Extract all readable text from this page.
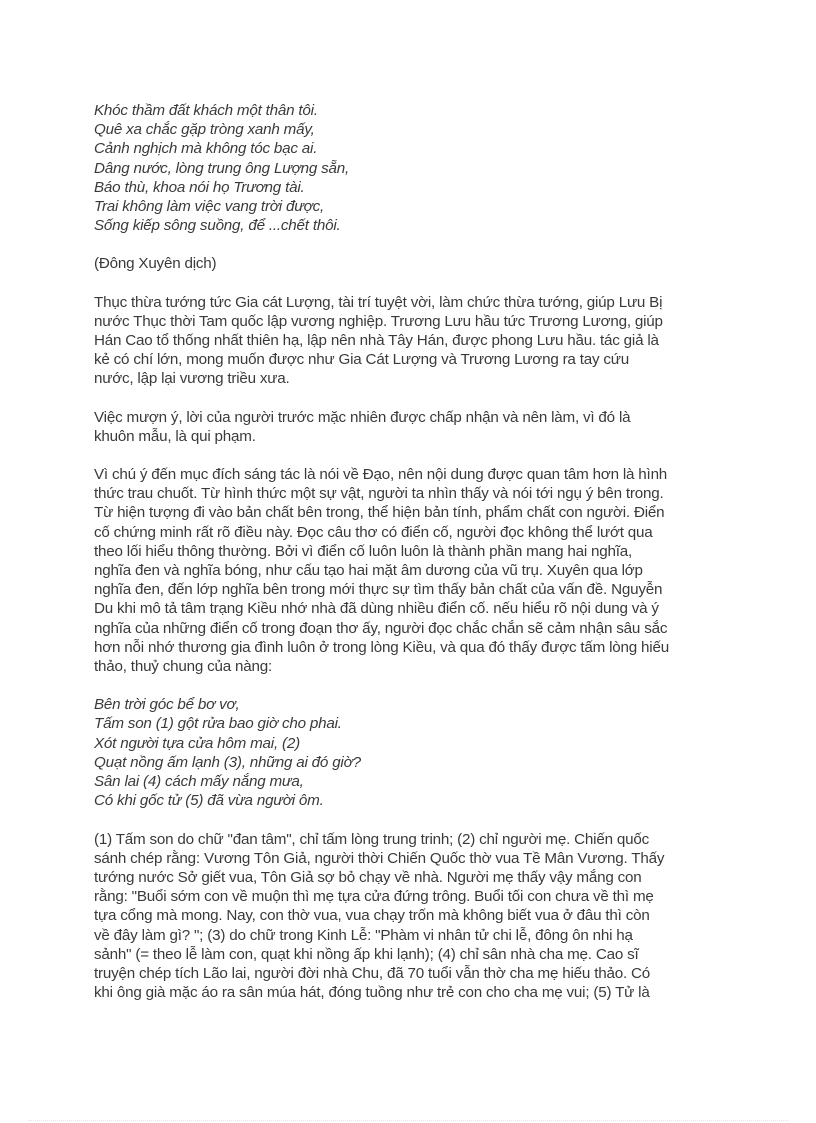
Khóc thầm đất khách một thân tôi.
Quê xa chắc gặp tròng xanh mấy,
Cảnh nghịch mà không tóc bạc ai.
Dâng nước, lòng trung ông Lượng sẵn,
Báo thù, khoa nói họ Trương tài.
Trai không làm việc vang trời được,
Sống kiếp sông suồng, để ...chết thôi.
(Đông Xuyên dịch)
Thục thừa tướng tức Gia cát Lượng, tài trí tuyệt vời, làm chức thừa tướng, giúp Lưu Bị
nước Thục thời Tam quốc lập vương nghiệp. Trương Lưu hầu tức Trương Lương, giúp
Hán Cao tổ thống nhất thiên hạ, lập nên nhà Tây Hán, được phong Lưu hầu. tác giả là
kẻ có chí lớn, mong muốn được như Gia Cát Lượng và Trương Lương ra tay cứu
nước, lập lại vương triều xưa.
Việc mượn ý, lời của người trước mặc nhiên được chấp nhận và nên làm, vì đó là
khuôn mẫu, là qui phạm.
Vì chú ý đến mục đích sáng tác là nói về Đạo, nên nội dung được quan tâm hơn là hình
thức trau chuốt. Từ hình thức một sự vật, người ta nhìn thấy và nói tới ngụ ý bên trong.
Từ hiện tượng đi vào bản chất bên trong, thể hiện bản tính, phẩm chất con người. Điển
cố chứng minh rất rõ điều này. Đọc câu thơ có điển cố, người đọc không thể lướt qua
theo lối hiểu thông thường. Bởi vì điển cố luôn luôn là thành phần mang hai nghĩa,
nghĩa đen và nghĩa bóng, như cấu tạo hai mặt âm dương của vũ trụ. Xuyên qua lớp
nghĩa đen, đến lớp nghĩa bên trong mới thực sự tìm thấy bản chất của vấn đề. Nguyễn
Du khi mô tả tâm trạng Kiều nhớ nhà đã dùng nhiều điển cố. nếu hiểu rõ nội dung và ý
nghĩa của những điển cố trong đoạn thơ ấy, người đọc chắc chắn sẽ cảm nhận sâu sắc
hơn nỗi nhớ thương gia đình luôn ở trong lòng Kiều, và qua đó thấy được tấm lòng hiếu
thảo, thuỷ chung của nàng:
Bên trời góc bể bơ vơ,
Tấm son (1) gột rửa bao giờ cho phai.
Xót người tựa cửa hôm mai, (2)
Quạt nồng ấm lạnh (3), những ai đó giờ?
Sân lai (4) cách mấy nắng mưa,
Có khi gốc tử (5) đã vừa người ôm.
(1) Tấm son do chữ "đan tâm", chỉ tấm lòng trung trinh; (2) chỉ người mẹ. Chiến quốc
sánh chép rằng: Vương Tôn Giả, người thời Chiến Quốc thờ vua Tề Mân Vương. Thấy
tướng nước Sở giết vua, Tôn Giả sợ bỏ chạy về nhà. Người mẹ thấy vậy mắng con
rằng: "Buổi sớm con về muộn thì mẹ tựa cửa đứng trông. Buổi tối con chưa về thì mẹ
tựa cổng mà mong. Nay, con thờ vua, vua chạy trốn mà không biết vua ở đâu thì còn
về đây làm gì? "; (3) do chữ trong Kinh Lễ: "Phàm vi nhân tử chi lễ, đông ôn nhi hạ
sảnh" (= theo lễ làm con, quạt khi nồng ấp khi lạnh); (4) chỉ sân nhà cha mẹ. Cao sĩ
truyện chép tích Lão lai, người đời nhà Chu, đã 70 tuổi vẫn thờ cha mẹ hiếu thảo. Có
khi ông già mặc áo ra sân múa hát, đóng tuồng như trẻ con cho cha mẹ vui; (5) Tử là
